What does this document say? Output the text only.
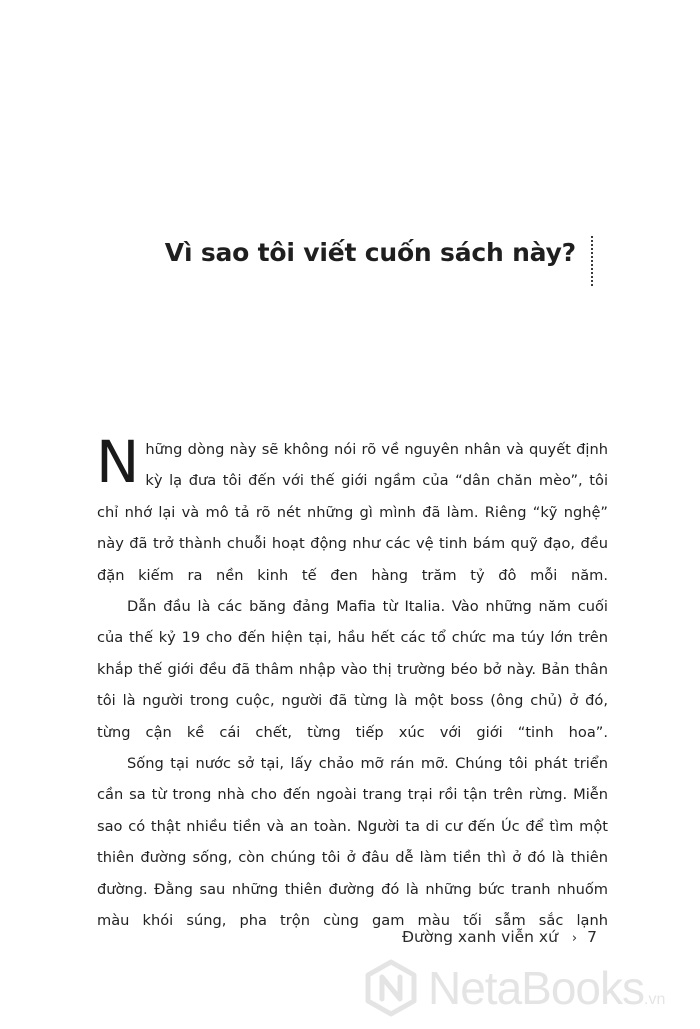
Vì sao tôi viết cuốn sách này?

Những dòng này sẽ không nói rõ về nguyên nhân và quyết định kỳ lạ đưa tôi đến với thế giới ngầm của “dân chăn mèo”, tôi chỉ nhớ lại và mô tả rõ nét những gì mình đã làm. Riêng “kỹ nghệ” này đã trở thành chuỗi hoạt động như các vệ tinh bám quỹ đạo, đều đặn kiếm ra nền kinh tế đen hàng trăm tỷ đô mỗi năm.

Dẫn đầu là các băng đảng Mafia từ Italia. Vào những năm cuối của thế kỷ 19 cho đến hiện tại, hầu hết các tổ chức ma túy lớn trên khắp thế giới đều đã thâm nhập vào thị trường béo bở này. Bản thân tôi là người trong cuộc, người đã từng là một boss (ông chủ) ở đó, từng cận kề cái chết, từng tiếp xúc với giới “tinh hoa”.

Sống tại nước sở tại, lấy chảo mỡ rán mỡ. Chúng tôi phát triển cần sa từ trong nhà cho đến ngoài trang trại rồi tận trên rừng. Miễn sao có thật nhiều tiền và an toàn. Người ta di cư đến Úc để tìm một thiên đường sống, còn chúng tôi ở đâu dễ làm tiền thì ở đó là thiên đường. Đằng sau những thiên đường đó là những bức tranh nhuốm màu khói súng, pha trộn cùng gam màu tối sẫm sắc lạnh

Đường xanh viễn xứ › 7
NetaBooks.vn
